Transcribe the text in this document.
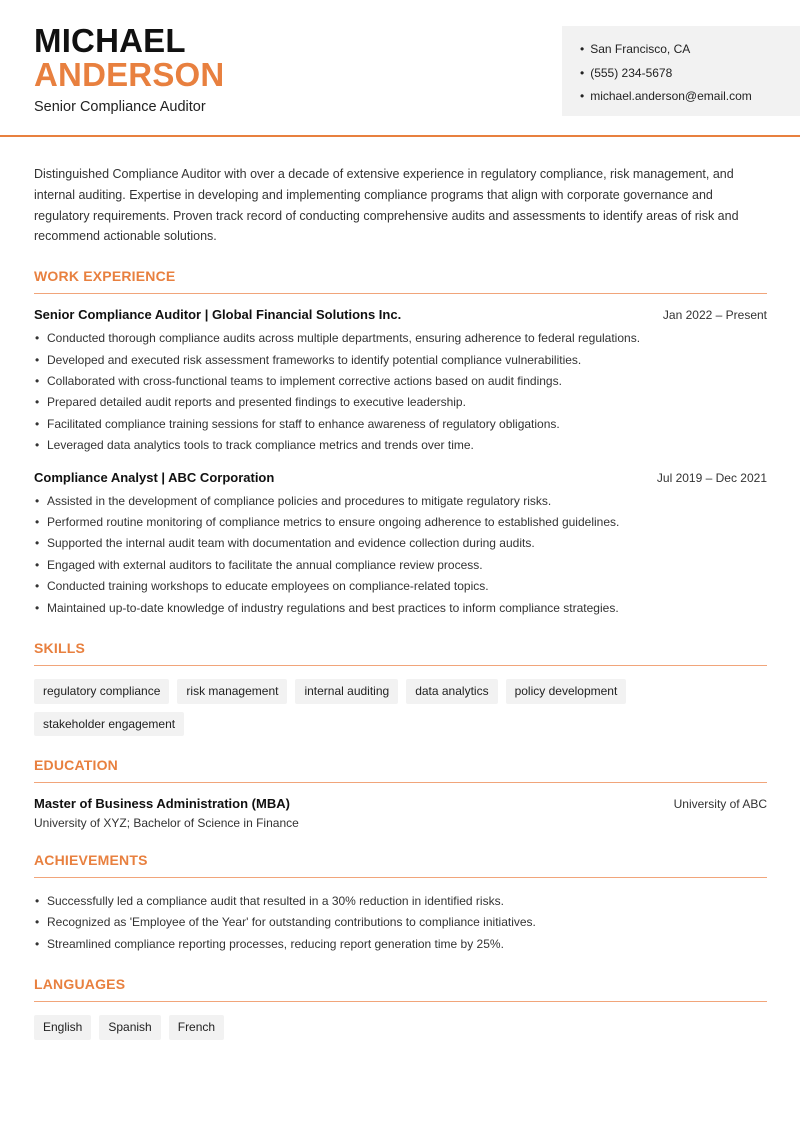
MICHAEL
ANDERSON
Senior Compliance Auditor
• San Francisco, CA
• (555) 234-5678
• michael.anderson@email.com

Distinguished Compliance Auditor with over a decade of extensive experience in regulatory compliance, risk management, and internal auditing. Expertise in developing and implementing compliance programs that align with corporate governance and regulatory requirements. Proven track record of conducting comprehensive audits and assessments to identify areas of risk and recommend actionable solutions.

WORK EXPERIENCE
Senior Compliance Auditor | Global Financial Solutions Inc.	Jan 2022 – Present
• Conducted thorough compliance audits across multiple departments, ensuring adherence to federal regulations.
• Developed and executed risk assessment frameworks to identify potential compliance vulnerabilities.
• Collaborated with cross-functional teams to implement corrective actions based on audit findings.
• Prepared detailed audit reports and presented findings to executive leadership.
• Facilitated compliance training sessions for staff to enhance awareness of regulatory obligations.
• Leveraged data analytics tools to track compliance metrics and trends over time.
Compliance Analyst | ABC Corporation	Jul 2019 – Dec 2021
• Assisted in the development of compliance policies and procedures to mitigate regulatory risks.
• Performed routine monitoring of compliance metrics to ensure ongoing adherence to established guidelines.
• Supported the internal audit team with documentation and evidence collection during audits.
• Engaged with external auditors to facilitate the annual compliance review process.
• Conducted training workshops to educate employees on compliance-related topics.
• Maintained up-to-date knowledge of industry regulations and best practices to inform compliance strategies.
SKILLS
regulatory compliance	risk management	internal auditing	data analytics	policy development
stakeholder engagement
EDUCATION
Master of Business Administration (MBA)	University of ABC
University of XYZ; Bachelor of Science in Finance
ACHIEVEMENTS
• Successfully led a compliance audit that resulted in a 30% reduction in identified risks.
• Recognized as 'Employee of the Year' for outstanding contributions to compliance initiatives.
• Streamlined compliance reporting processes, reducing report generation time by 25%.
LANGUAGES
English	Spanish	French
